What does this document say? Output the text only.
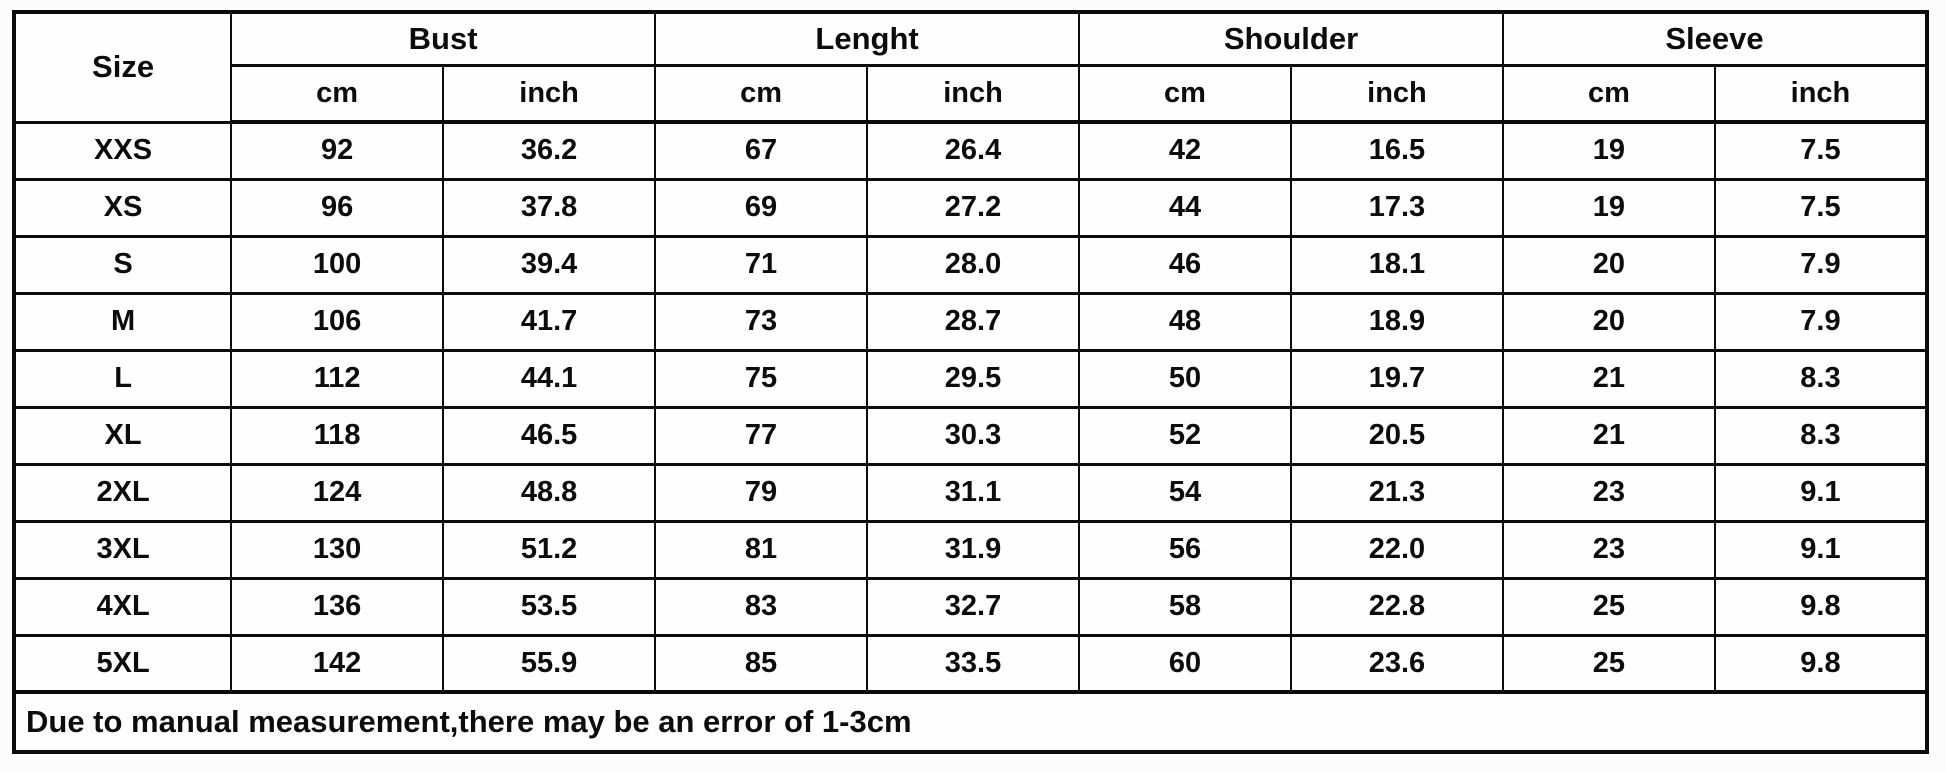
Size	Bust		Lenght		Shoulder		Sleeve	
	cm	inch	cm	inch	cm	inch	cm	inch
XXS	92	36.2	67	26.4	42	16.5	19	7.5
XS	96	37.8	69	27.2	44	17.3	19	7.5
S	100	39.4	71	28.0	46	18.1	20	7.9
M	106	41.7	73	28.7	48	18.9	20	7.9
L	112	44.1	75	29.5	50	19.7	21	8.3
XL	118	46.5	77	30.3	52	20.5	21	8.3
2XL	124	48.8	79	31.1	54	21.3	23	9.1
3XL	130	51.2	81	31.9	56	22.0	23	9.1
4XL	136	53.5	83	32.7	58	22.8	25	9.8
5XL	142	55.9	85	33.5	60	23.6	25	9.8
Due to manual measurement,there may be an error of 1-3cm								
